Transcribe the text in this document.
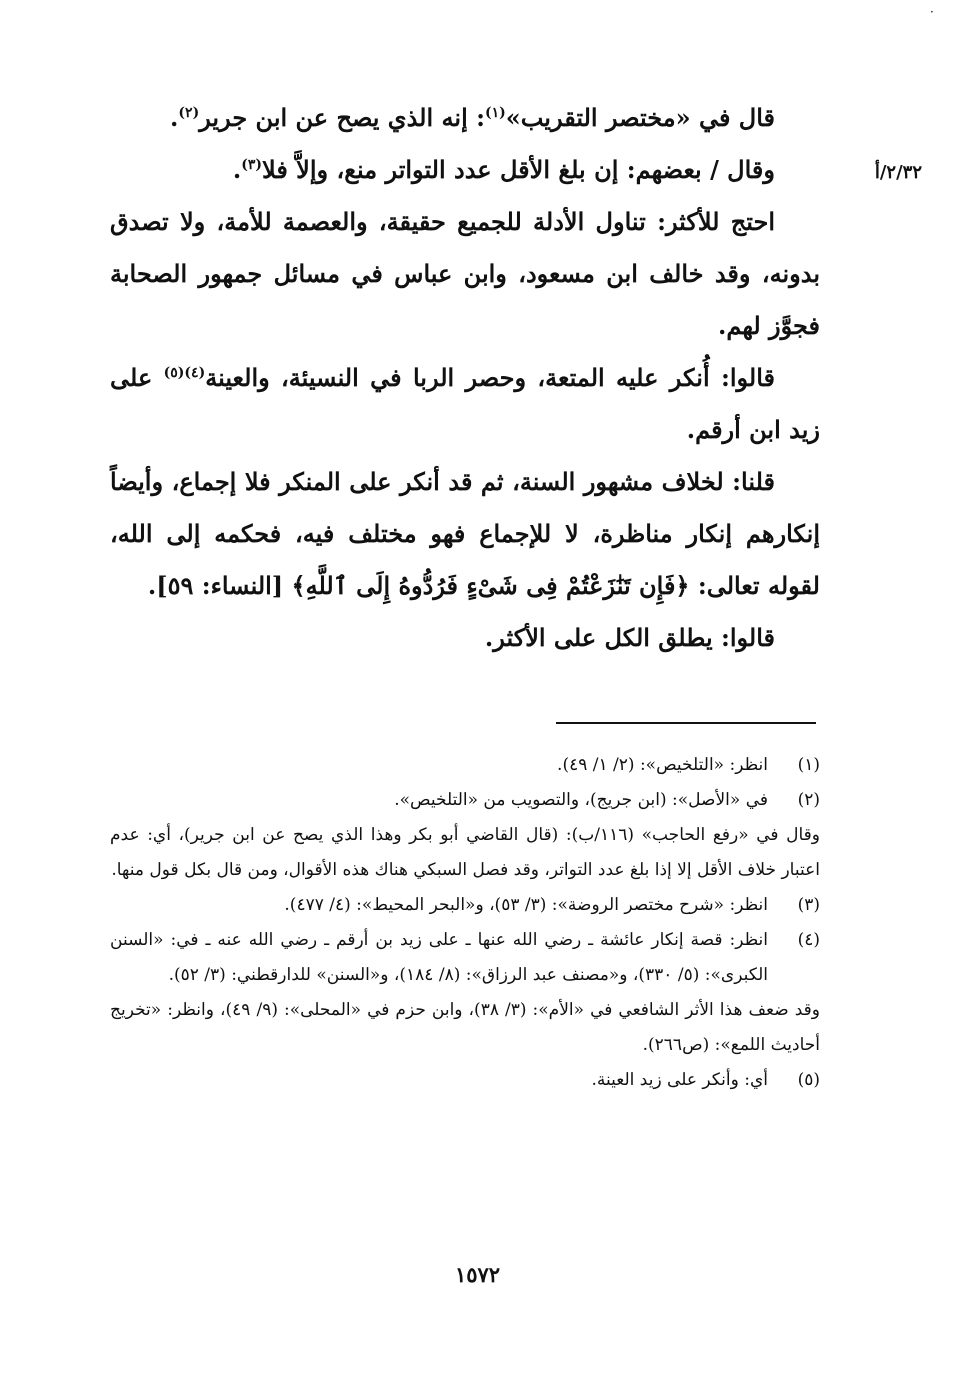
·
٢/٣٢/أ

قال في «مختصر التقريب»$^{(١)}$: إنه الذي يصح عن ابن جرير$^{(٢)}$.

وقال / بعضهم: إن بلغ الأقل عدد التواتر منع، وإلاَّ فلا$^{(٣)}$.

احتج للأكثر: تناول الأدلة للجميع حقيقة، والعصمة للأمة، ولا تصدق بدونه، وقد خالف ابن مسعود، وابن عباس في مسائل جمهور الصحابة فجوَّز لهم.

قالوا: أُنكر عليه المتعة، وحصر الربا في النسيئة، والعينة$^{(٤)(٥)}$ على زيد ابن أرقم.

قلنا: لخلاف مشهور السنة، ثم قد أنكر على المنكر فلا إجماع، وأيضاً إنكارهم إنكار مناظرة، لا للإجماع فهو مختلف فيه، فحكمه إلى الله، لقوله تعالى: ﴿فَإِن تَنَٰزَعْتُمْ فِى شَىْءٍ فَرُدُّوهُ إِلَى ٱللَّهِ﴾ [النساء: ٥٩].

قالوا: يطلق الكل على الأكثر.

(١)
انظر: «التلخيص»: (٢/ ١/ ٤٩).
(٢)
في «الأصل»: (ابن جريج)، والتصويب من «التلخيص».

وقال في «رفع الحاجب» (١١٦/ب): (قال القاضي أبو بكر وهذا الذي يصح عن ابن جرير)، أي: عدم اعتبار خلاف الأقل إلا إذا بلغ عدد التواتر، وقد فصل السبكي هناك هذه الأقوال، ومن قال بكل قول منها.

(٣)
انظر: «شرح مختصر الروضة»: (٣/ ٥٣)، و«البحر المحيط»: (٤/ ٤٧٧).
(٤)
انظر: قصة إنكار عائشة ـ رضي الله عنها ـ على زيد بن أرقم ـ رضي الله عنه ـ في: «السنن الكبرى»: (٥/ ٣٣٠)، و«مصنف عبد الرزاق»: (٨/ ١٨٤)، و«السنن» للدارقطني: (٣/ ٥٢).

وقد ضعف هذا الأثر الشافعي في «الأم»: (٣/ ٣٨)، وابن حزم في «المحلى»: (٩/ ٤٩)، وانظر: «تخريج أحاديث اللمع»: (ص٢٦٦).

(٥)
أي: وأنكر على زيد العينة.
١٥٧٢
